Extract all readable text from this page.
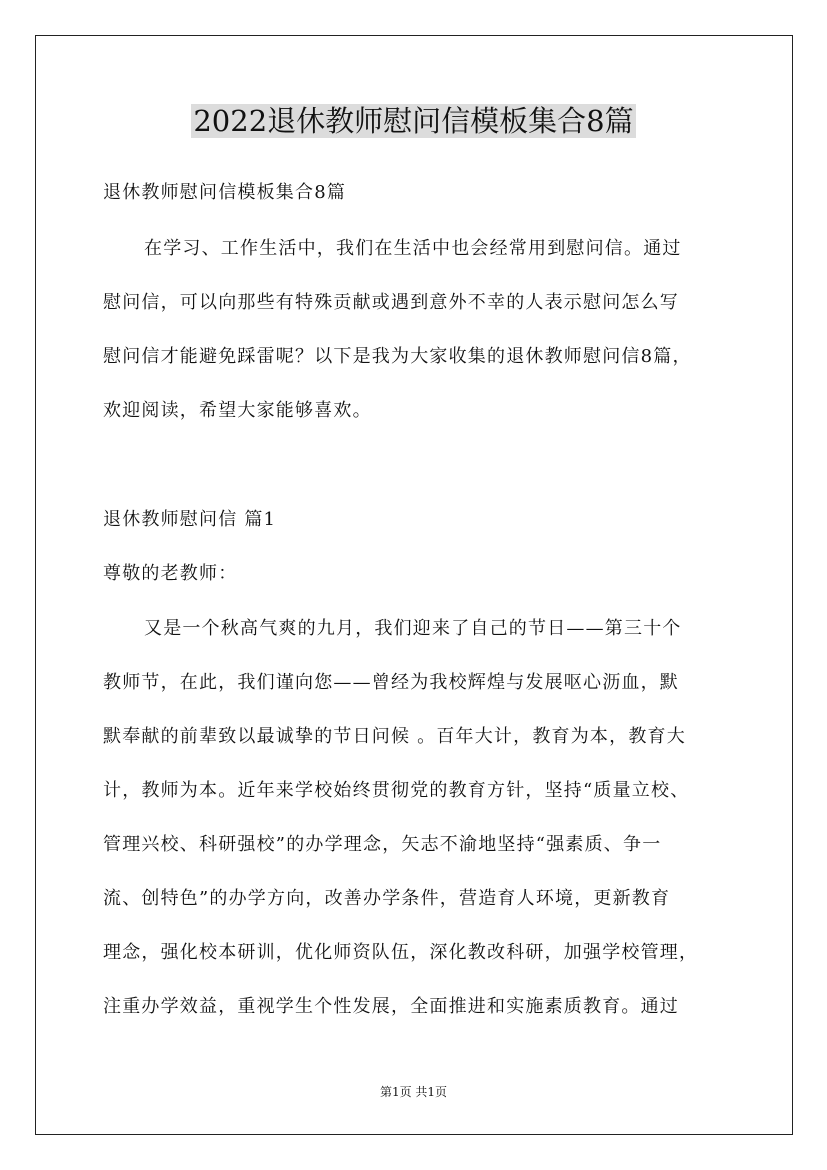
2022退休教师慰问信模板集合8篇
退休教师慰问信模板集合8篇
在学习、工作生活中，我们在生活中也会经常用到慰问信。通过
慰问信，可以向那些有特殊贡献或遇到意外不幸的人表示慰问怎么写
慰问信才能避免踩雷呢？以下是我为大家收集的退休教师慰问信8篇，
欢迎阅读，希望大家能够喜欢。
退休教师慰问信 篇1
尊敬的老教师：
又是一个秋高气爽的九月，我们迎来了自己的节日——第三十个
教师节，在此，我们谨向您——曾经为我校辉煌与发展呕心沥血，默
默奉献的前辈致以最诚挚的节日问候 。百年大计，教育为本，教育大
计，教师为本。近年来学校始终贯彻党的教育方针，坚持“质量立校、
管理兴校、科研强校”的办学理念，矢志不渝地坚持“强素质、争一
流、创特色”的办学方向，改善办学条件，营造育人环境，更新教育
理念，强化校本研训，优化师资队伍，深化教改科研，加强学校管理，
注重办学效益，重视学生个性发展，全面推进和实施素质教育。通过
第1页 共1页
